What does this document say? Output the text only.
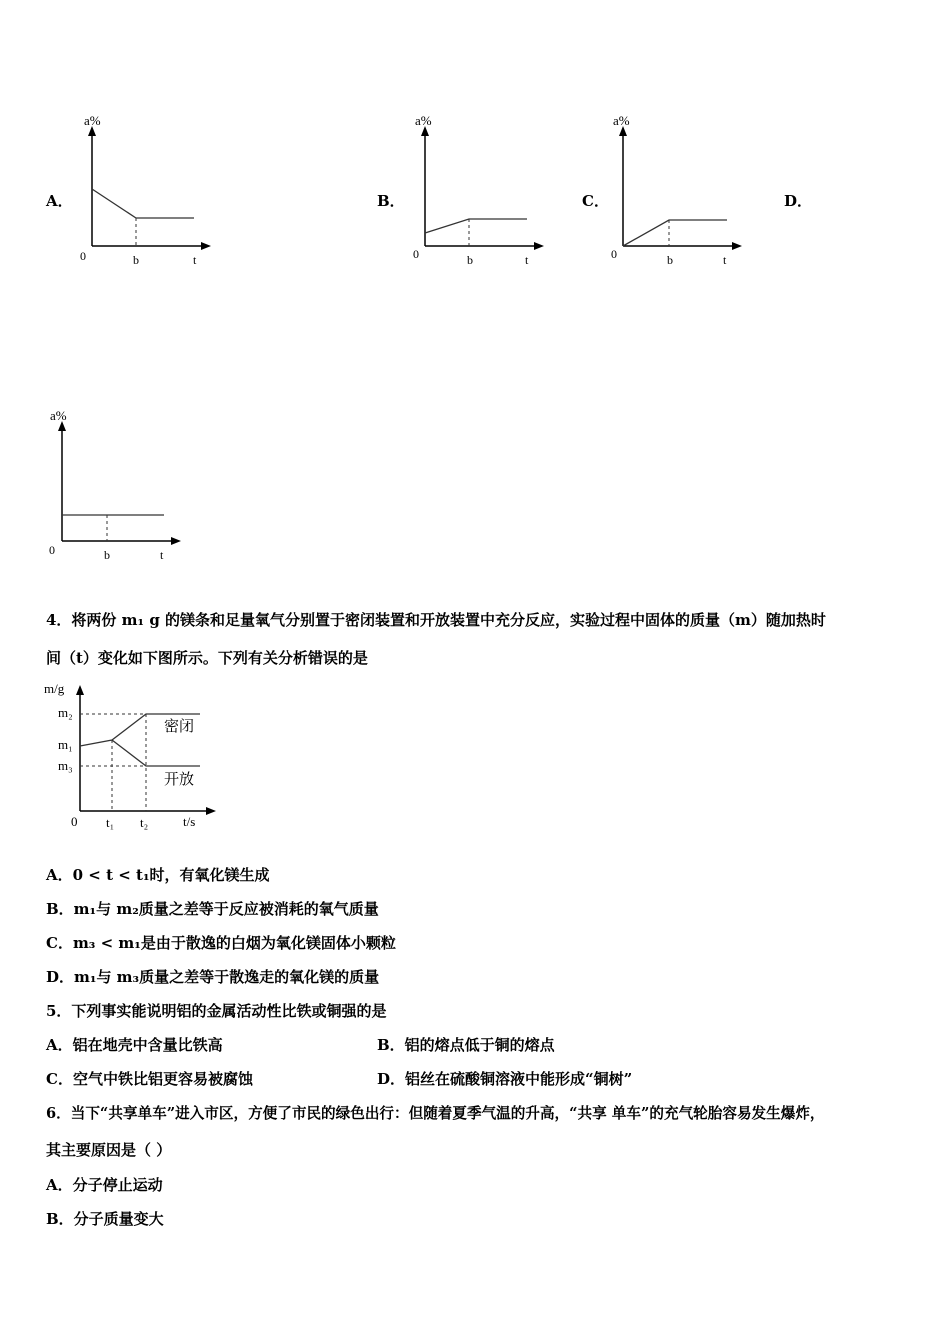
A．	B．	C．	D．
a%
0	b	t
a%
0	b	t
a%
0	b	t
a%
0	b	t
4．将两份 m₁ g 的镁条和足量氧气分别置于密闭装置和开放装置中充分反应，实验过程中固体的质量（m）随加热时
间（t）变化如下图所示。下列有关分析错误的是
m/g
m₂
m₁
m₃
0 t₁ t₂	t/s
密闭
开放
A．0 < t < t₁时，有氧化镁生成
B．m₁与 m₂质量之差等于反应被消耗的氧气质量
C．m₃ < m₁是由于散逸的白烟为氧化镁固体小颗粒
D．m₁与 m₃质量之差等于散逸走的氧化镁的质量
5．下列事实能说明铝的金属活动性比铁或铜强的是
A．铝在地壳中含量比铁高	B．铝的熔点低于铜的熔点
C．空气中铁比铝更容易被腐蚀	D．铝丝在硫酸铜溶液中能形成“铜树”
6．当下“共享单车”进入市区，方便了市民的绿色出行：但随着夏季气温的升高，“共享 单车”的充气轮胎容易发生爆炸，
其主要原因是（ ）
A．分子停止运动
B．分子质量变大
